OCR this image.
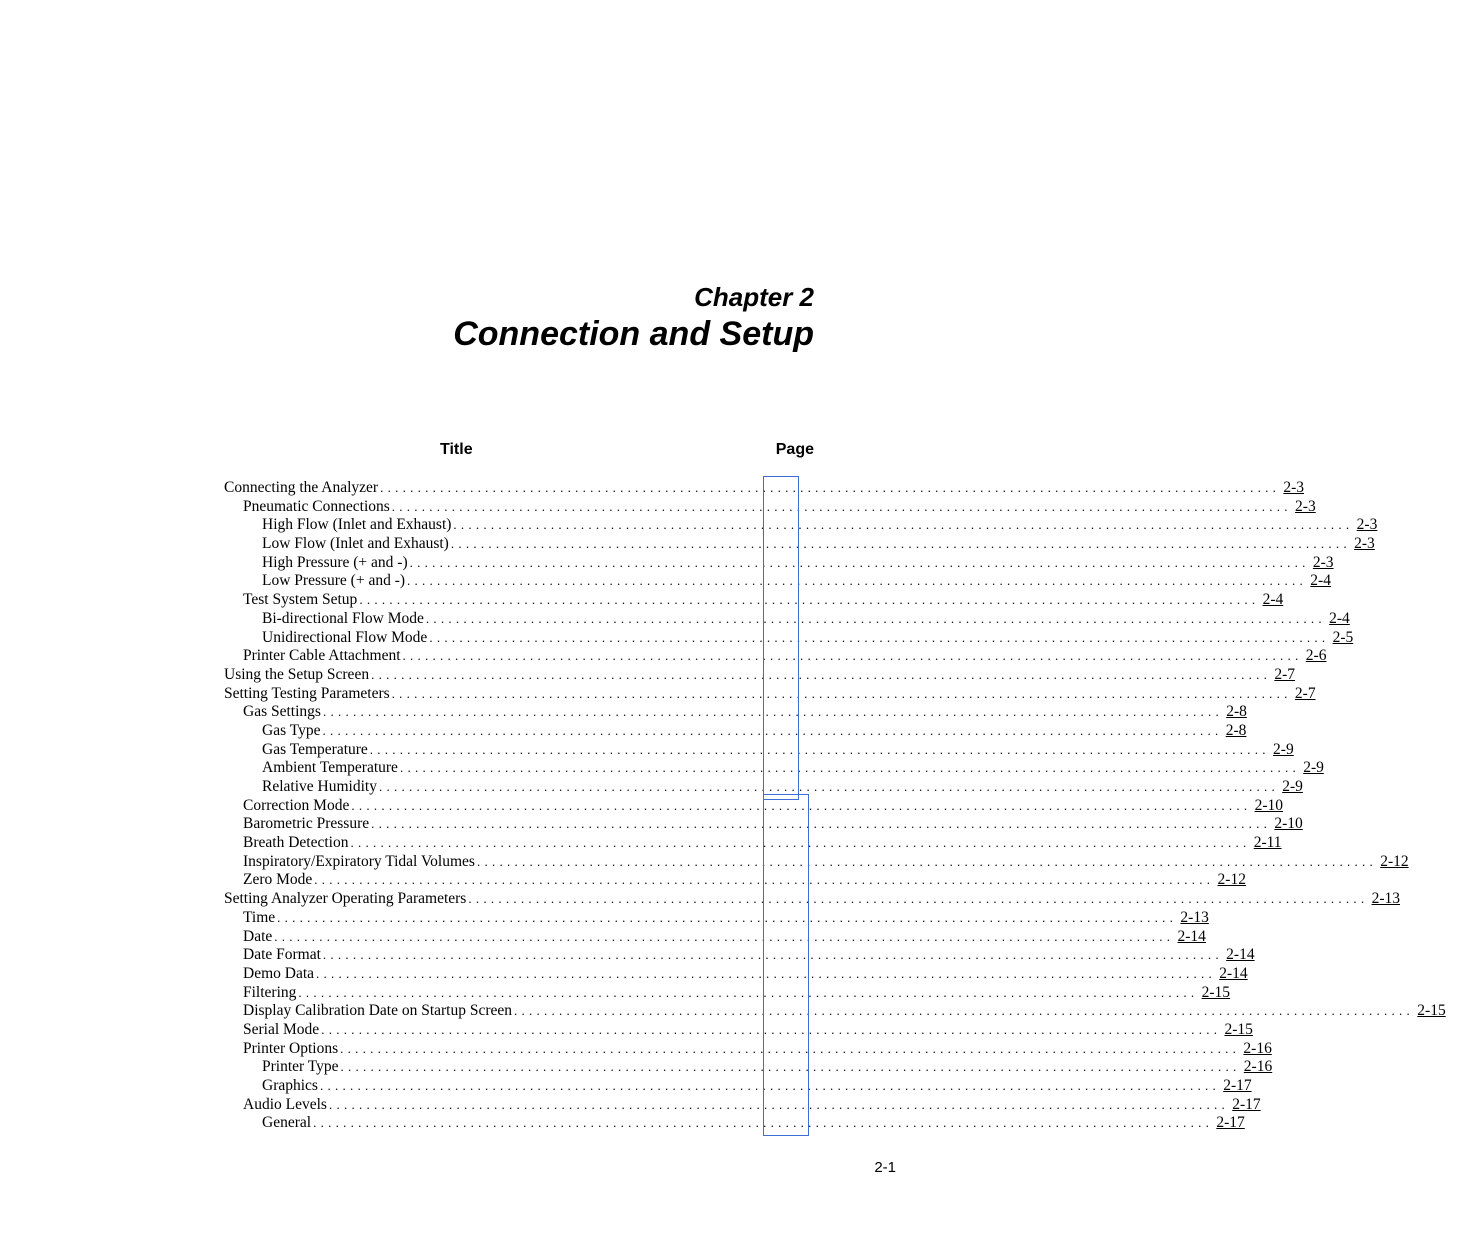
Chapter 2
Connection and Setup
Title	Page
Connecting the Analyzer . . . . . . . . . . . . . . . . . . . . . . . . . . . . . . . . . . . . . . . . . . . . . . . . . . . . . . . . . . . . . . . . . . . . . . . . . . . . . . . . . . . . . . . . . . . . . . . . . . . . . . . . . . . . . . . . . . . . . . . . 2-3
Pneumatic Connections . . . . . . . . . . . . . . . . . . . . . . . . . . . . . . . . . . . . . . . . . . . . . . . . . . . . . . . . . . . . . . . . . . . . . . . . . . . . . . . . . . . . . . . . . . . . . . . . . . . . . . . . . . . . . . . . . . . . . . . . 2-3
High Flow (Inlet and Exhaust) . . . . . . . . . . . . . . . . . . . . . . . . . . . . . . . . . . . . . . . . . . . . . . . . . . . . . . . . . . . . . . . . . . . . . . . . . . . . . . . . . . . . . . . . . . . . . . . . . . . . . . . . . . . . . . . . . . . . . . . . 2-3
Low Flow (Inlet and Exhaust) . . . . . . . . . . . . . . . . . . . . . . . . . . . . . . . . . . . . . . . . . . . . . . . . . . . . . . . . . . . . . . . . . . . . . . . . . . . . . . . . . . . . . . . . . . . . . . . . . . . . . . . . . . . . . . . . . . . . . . . . 2-3
High Pressure (+ and -) . . . . . . . . . . . . . . . . . . . . . . . . . . . . . . . . . . . . . . . . . . . . . . . . . . . . . . . . . . . . . . . . . . . . . . . . . . . . . . . . . . . . . . . . . . . . . . . . . . . . . . . . . . . . . . . . . . . . . . . . 2-3
Low Pressure (+ and -) . . . . . . . . . . . . . . . . . . . . . . . . . . . . . . . . . . . . . . . . . . . . . . . . . . . . . . . . . . . . . . . . . . . . . . . . . . . . . . . . . . . . . . . . . . . . . . . . . . . . . . . . . . . . . . . . . . . . . . . . 2-4
Test System Setup . . . . . . . . . . . . . . . . . . . . . . . . . . . . . . . . . . . . . . . . . . . . . . . . . . . . . . . . . . . . . . . . . . . . . . . . . . . . . . . . . . . . . . . . . . . . . . . . . . . . . . . . . . . . . . . . . . . . . . . . 2-4
Bi-directional Flow Mode . . . . . . . . . . . . . . . . . . . . . . . . . . . . . . . . . . . . . . . . . . . . . . . . . . . . . . . . . . . . . . . . . . . . . . . . . . . . . . . . . . . . . . . . . . . . . . . . . . . . . . . . . . . . . . . . . . . . . . . . 2-4
Unidirectional Flow Mode . . . . . . . . . . . . . . . . . . . . . . . . . . . . . . . . . . . . . . . . . . . . . . . . . . . . . . . . . . . . . . . . . . . . . . . . . . . . . . . . . . . . . . . . . . . . . . . . . . . . . . . . . . . . . . . . . . . . . . . . 2-5
Printer Cable Attachment . . . . . . . . . . . . . . . . . . . . . . . . . . . . . . . . . . . . . . . . . . . . . . . . . . . . . . . . . . . . . . . . . . . . . . . . . . . . . . . . . . . . . . . . . . . . . . . . . . . . . . . . . . . . . . . . . . . . . . . . 2-6
Using the Setup Screen . . . . . . . . . . . . . . . . . . . . . . . . . . . . . . . . . . . . . . . . . . . . . . . . . . . . . . . . . . . . . . . . . . . . . . . . . . . . . . . . . . . . . . . . . . . . . . . . . . . . . . . . . . . . . . . . . . . . . . . . 2-7
Setting Testing Parameters . . . . . . . . . . . . . . . . . . . . . . . . . . . . . . . . . . . . . . . . . . . . . . . . . . . . . . . . . . . . . . . . . . . . . . . . . . . . . . . . . . . . . . . . . . . . . . . . . . . . . . . . . . . . . . . . . . . . . . . . 2-7
Gas Settings . . . . . . . . . . . . . . . . . . . . . . . . . . . . . . . . . . . . . . . . . . . . . . . . . . . . . . . . . . . . . . . . . . . . . . . . . . . . . . . . . . . . . . . . . . . . . . . . . . . . . . . . . . . . . . . . . . . . . . . . 2-8
Gas Type . . . . . . . . . . . . . . . . . . . . . . . . . . . . . . . . . . . . . . . . . . . . . . . . . . . . . . . . . . . . . . . . . . . . . . . . . . . . . . . . . . . . . . . . . . . . . . . . . . . . . . . . . . . . . . . . . . . . . . . . 2-8
Gas Temperature . . . . . . . . . . . . . . . . . . . . . . . . . . . . . . . . . . . . . . . . . . . . . . . . . . . . . . . . . . . . . . . . . . . . . . . . . . . . . . . . . . . . . . . . . . . . . . . . . . . . . . . . . . . . . . . . . . . . . . . . 2-9
Ambient Temperature . . . . . . . . . . . . . . . . . . . . . . . . . . . . . . . . . . . . . . . . . . . . . . . . . . . . . . . . . . . . . . . . . . . . . . . . . . . . . . . . . . . . . . . . . . . . . . . . . . . . . . . . . . . . . . . . . . . . . . . . 2-9
Relative Humidity . . . . . . . . . . . . . . . . . . . . . . . . . . . . . . . . . . . . . . . . . . . . . . . . . . . . . . . . . . . . . . . . . . . . . . . . . . . . . . . . . . . . . . . . . . . . . . . . . . . . . . . . . . . . . . . . . . . . . . . . 2-9
Correction Mode . . . . . . . . . . . . . . . . . . . . . . . . . . . . . . . . . . . . . . . . . . . . . . . . . . . . . . . . . . . . . . . . . . . . . . . . . . . . . . . . . . . . . . . . . . . . . . . . . . . . . . . . . . . . . . . . . . . . . . . . 2-10
Barometric Pressure . . . . . . . . . . . . . . . . . . . . . . . . . . . . . . . . . . . . . . . . . . . . . . . . . . . . . . . . . . . . . . . . . . . . . . . . . . . . . . . . . . . . . . . . . . . . . . . . . . . . . . . . . . . . . . . . . . . . . . . . 2-10
Breath Detection . . . . . . . . . . . . . . . . . . . . . . . . . . . . . . . . . . . . . . . . . . . . . . . . . . . . . . . . . . . . . . . . . . . . . . . . . . . . . . . . . . . . . . . . . . . . . . . . . . . . . . . . . . . . . . . . . . . . . . . . 2-11
Inspiratory/Expiratory Tidal Volumes . . . . . . . . . . . . . . . . . . . . . . . . . . . . . . . . . . . . . . . . . . . . . . . . . . . . . . . . . . . . . . . . . . . . . . . . . . . . . . . . . . . . . . . . . . . . . . . . . . . . . . . . . . . . . . . . . . . . . . . . 2-12
Zero Mode . . . . . . . . . . . . . . . . . . . . . . . . . . . . . . . . . . . . . . . . . . . . . . . . . . . . . . . . . . . . . . . . . . . . . . . . . . . . . . . . . . . . . . . . . . . . . . . . . . . . . . . . . . . . . . . . . . . . . . . . 2-12
Setting Analyzer Operating Parameters . . . . . . . . . . . . . . . . . . . . . . . . . . . . . . . . . . . . . . . . . . . . . . . . . . . . . . . . . . . . . . . . . . . . . . . . . . . . . . . . . . . . . . . . . . . . . . . . . . . . . . . . . . . . . . . . . . . . . . . . 2-13
Time . . . . . . . . . . . . . . . . . . . . . . . . . . . . . . . . . . . . . . . . . . . . . . . . . . . . . . . . . . . . . . . . . . . . . . . . . . . . . . . . . . . . . . . . . . . . . . . . . . . . . . . . . . . . . . . . . . . . . . . . 2-13
Date . . . . . . . . . . . . . . . . . . . . . . . . . . . . . . . . . . . . . . . . . . . . . . . . . . . . . . . . . . . . . . . . . . . . . . . . . . . . . . . . . . . . . . . . . . . . . . . . . . . . . . . . . . . . . . . . . . . . . . . . 2-14
Date Format . . . . . . . . . . . . . . . . . . . . . . . . . . . . . . . . . . . . . . . . . . . . . . . . . . . . . . . . . . . . . . . . . . . . . . . . . . . . . . . . . . . . . . . . . . . . . . . . . . . . . . . . . . . . . . . . . . . . . . . . 2-14
Demo Data . . . . . . . . . . . . . . . . . . . . . . . . . . . . . . . . . . . . . . . . . . . . . . . . . . . . . . . . . . . . . . . . . . . . . . . . . . . . . . . . . . . . . . . . . . . . . . . . . . . . . . . . . . . . . . . . . . . . . . . . 2-14
Filtering . . . . . . . . . . . . . . . . . . . . . . . . . . . . . . . . . . . . . . . . . . . . . . . . . . . . . . . . . . . . . . . . . . . . . . . . . . . . . . . . . . . . . . . . . . . . . . . . . . . . . . . . . . . . . . . . . . . . . . . . 2-15
Display Calibration Date on Startup Screen . . . . . . . . . . . . . . . . . . . . . . . . . . . . . . . . . . . . . . . . . . . . . . . . . . . . . . . . . . . . . . . . . . . . . . . . . . . . . . . . . . . . . . . . . . . . . . . . . . . . . . . . . . . . . . . . . . . . . . . . 2-15
Serial Mode . . . . . . . . . . . . . . . . . . . . . . . . . . . . . . . . . . . . . . . . . . . . . . . . . . . . . . . . . . . . . . . . . . . . . . . . . . . . . . . . . . . . . . . . . . . . . . . . . . . . . . . . . . . . . . . . . . . . . . . . 2-15
Printer Options . . . . . . . . . . . . . . . . . . . . . . . . . . . . . . . . . . . . . . . . . . . . . . . . . . . . . . . . . . . . . . . . . . . . . . . . . . . . . . . . . . . . . . . . . . . . . . . . . . . . . . . . . . . . . . . . . . . . . . . . 2-16
Printer Type . . . . . . . . . . . . . . . . . . . . . . . . . . . . . . . . . . . . . . . . . . . . . . . . . . . . . . . . . . . . . . . . . . . . . . . . . . . . . . . . . . . . . . . . . . . . . . . . . . . . . . . . . . . . . . . . . . . . . . . . 2-16
Graphics . . . . . . . . . . . . . . . . . . . . . . . . . . . . . . . . . . . . . . . . . . . . . . . . . . . . . . . . . . . . . . . . . . . . . . . . . . . . . . . . . . . . . . . . . . . . . . . . . . . . . . . . . . . . . . . . . . . . . . . . 2-17
Audio Levels . . . . . . . . . . . . . . . . . . . . . . . . . . . . . . . . . . . . . . . . . . . . . . . . . . . . . . . . . . . . . . . . . . . . . . . . . . . . . . . . . . . . . . . . . . . . . . . . . . . . . . . . . . . . . . . . . . . . . . . . 2-17
General . . . . . . . . . . . . . . . . . . . . . . . . . . . . . . . . . . . . . . . . . . . . . . . . . . . . . . . . . . . . . . . . . . . . . . . . . . . . . . . . . . . . . . . . . . . . . . . . . . . . . . . . . . . . . . . . . . . . . . . . 2-17
2-1
